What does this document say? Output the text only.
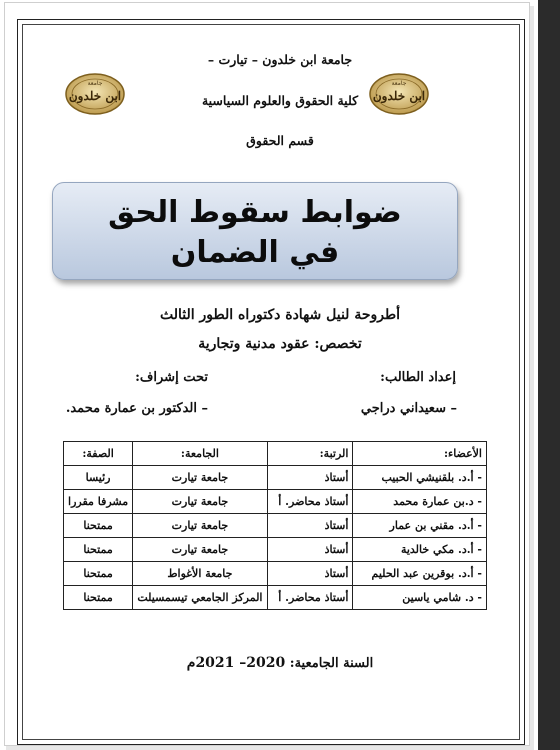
جامعة ابن خلدون – تيارت –
كلية الحقوق والعلوم السياسية
قسم الحقوق
جامعة
ابن خلدون
جامعة
ابن خلدون
ضوابط سقوط الحق
في الضمان
أطروحة لنيل شهادة دكتوراه الطور الثالث
تخصص: عقود مدنية وتجارية
إعداد الطالب:
– سعيداني دراجي
تحت إشراف:
– الدكتور بن عمارة محمد.
الأعضاء:	الرتبة:	الجامعة:	الصفة:
- أ.د. بلقنيشي الحبيب	أستاذ	جامعة تيارت	رئيسا
- د.بن عمارة محمد	أستاذ محاضر. أ	جامعة تيارت	مشرفا مقررا
- أ.د. مقني بن عمار	أستاذ	جامعة تيارت	ممتحنا
- أ.د. مكي خالدية	أستاذ	جامعة تيارت	ممتحنا
- أ.د. بوقرين عبد الحليم	أستاذ	جامعة الأغواط	ممتحنا
- د. شامي ياسين	أستاذ محاضر. أ	المركز الجامعي تيسمسيلت	ممتحنا
السنة الجامعية: 2020– 2021م
